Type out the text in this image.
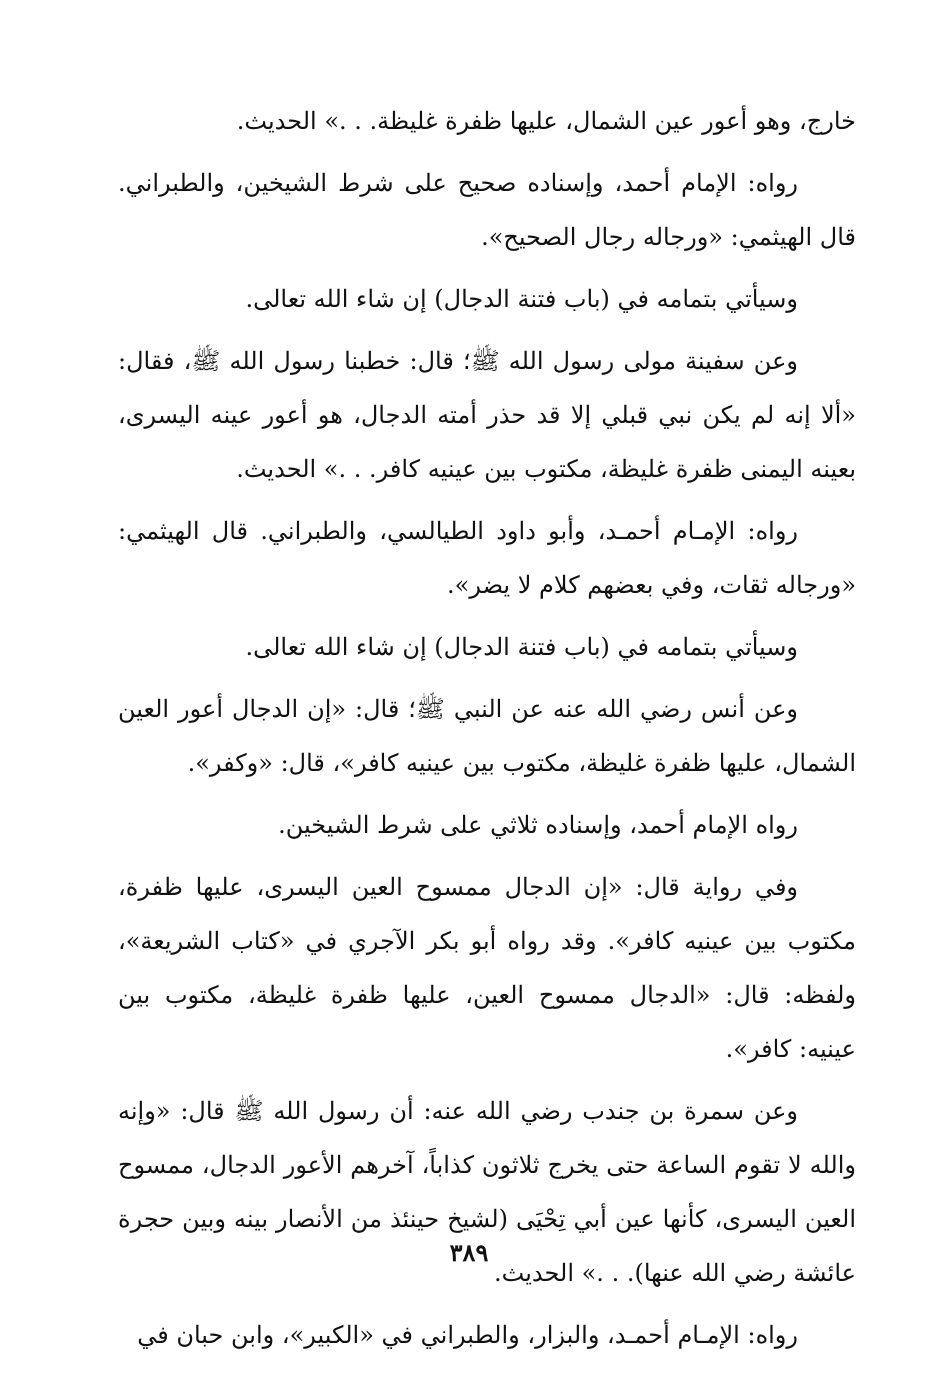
خارج، وهو أعور عين الشمال، عليها ظفرة غليظة. . .» الحديث.

رواه: الإمام أحمد، وإسناده صحيح على شرط الشيخين، والطبراني. قال الهيثمي: «ورجاله رجال الصحيح».

وسيأتي بتمامه في (باب فتنة الدجال) إن شاء الله تعالى.

وعن سفينة مولى رسول الله ﷺ؛ قال: خطبنا رسول الله ﷺ، فقال: «ألا إنه لم يكن نبي قبلي إلا قد حذر أمته الدجال، هو أعور عينه اليسرى، بعينه اليمنى ظفرة غليظة، مكتوب بين عينيه كافر. . .» الحديث.

رواه: الإمـام أحمـد، وأبو داود الطيالسي، والطبراني. قال الهيثمي: «ورجاله ثقات، وفي بعضهم كلام لا يضر».

وسيأتي بتمامه في (باب فتنة الدجال) إن شاء الله تعالى.

وعن أنس رضي الله عنه عن النبي ﷺ؛ قال: «إن الدجال أعور العين الشمال، عليها ظفرة غليظة، مكتوب بين عينيه كافر»، قال: «وكفر».

رواه الإمام أحمد، وإسناده ثلاثي على شرط الشيخين.

وفي رواية قال: «إن الدجال ممسوح العين اليسرى، عليها ظفرة، مكتوب بين عينيه كافر». وقد رواه أبو بكر الآجري في «كتاب الشريعة»، ولفظه: قال: «الدجال ممسوح العين، عليها ظفرة غليظة، مكتوب بين عينيه: كافر».

وعن سمرة بن جندب رضي الله عنه: أن رسول الله ﷺ قال: «وإنه والله لا تقوم الساعة حتى يخرج ثلاثون كذاباً، آخرهم الأعور الدجال، ممسوح العين اليسرى، كأنها عين أبي تِحْيَى (لشيخ حينئذ من الأنصار بينه وبين حجرة عائشة رضي الله عنها). . .» الحديث.

رواه: الإمـام أحمـد، والبزار، والطبراني في «الكبير»، وابن حبان في

٣٨٩
